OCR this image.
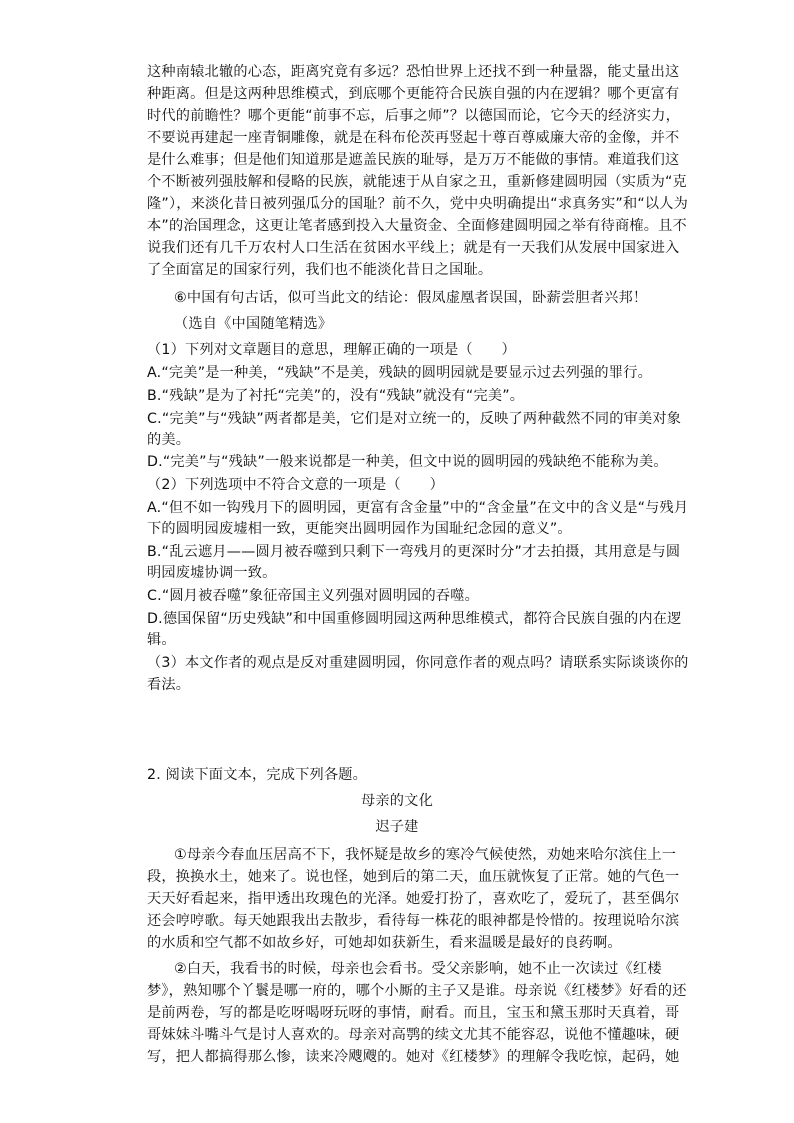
这种南辕北辙的心态，距离究竟有多远？恐怕世界上还找不到一种量器，能丈量出这
种距离。但是这两种思维模式，到底哪个更能符合民族自强的内在逻辑？哪个更富有
时代的前瞻性？哪个更能“前事不忘，后事之师”？以德国而论，它今天的经济实力，
不要说再建起一座青铜雕像，就是在科布伦茨再竖起十尊百尊威廉大帝的金像，并不
是什么难事；但是他们知道那是遮盖民族的耻辱，是万万不能做的事情。难道我们这
个不断被列强肢解和侵略的民族，就能速于从自家之丑，重新修建圆明园（实质为“克
隆”），来淡化昔日被列强瓜分的国耻？前不久，党中央明确提出“求真务实”和“以人为
本”的治国理念，这更让笔者感到投入大量资金、全面修建圆明园之举有待商榷。且不
说我们还有几千万农村人口生活在贫困水平线上；就是有一天我们从发展中国家进入
了全面富足的国家行列，我们也不能淡化昔日之国耻。
⑥中国有句古话，似可当此文的结论：假凤虚凰者误国，卧薪尝胆者兴邦！
（选自《中国随笔精选》
（1）下列对文章题目的意思，理解正确的一项是（　　）
A.“完美”是一种美，“残缺”不是美，残缺的圆明园就是要显示过去列强的罪行。
B.“残缺”是为了衬托“完美”的，没有“残缺”就没有“完美”。
C.“完美”与“残缺”两者都是美，它们是对立统一的，反映了两种截然不同的审美对象
的美。
D.“完美”与“残缺”一般来说都是一种美，但文中说的圆明园的残缺绝不能称为美。
（2）下列选项中不符合文意的一项是（　　）
A.“但不如一钩残月下的圆明园，更富有含金量”中的“含金量”在文中的含义是“与残月
下的圆明园废墟相一致，更能突出圆明园作为国耻纪念园的意义”。
B.“乱云遮月——圆月被吞噬到只剩下一弯残月的更深时分”才去拍摄，其用意是与圆
明园废墟协调一致。
C.“圆月被吞噬”象征帝国主义列强对圆明园的吞噬。
D.德国保留“历史残缺”和中国重修圆明园这两种思维模式，都符合民族自强的内在逻
辑。
（3）本文作者的观点是反对重建圆明园，你同意作者的观点吗？请联系实际谈谈你的
看法。
2. 阅读下面文本，完成下列各题。
母亲的文化
迟子建
①母亲今春血压居高不下，我怀疑是故乡的寒冷气候使然，劝她来哈尔滨住上一
段，换换水土，她来了。说也怪，她到后的第二天，血压就恢复了正常。她的气色一
天天好看起来，指甲透出玫瑰色的光泽。她爱打扮了，喜欢吃了，爱玩了，甚至偶尔
还会哼哼歌。每天她跟我出去散步，看待每一株花的眼神都是怜惜的。按理说哈尔滨
的水质和空气都不如故乡好，可她却如获新生，看来温暖是最好的良药啊。
②白天，我看书的时候，母亲也会看书。受父亲影响，她不止一次读过《红楼
梦》，熟知哪个丫鬟是哪一府的，哪个小厮的主子又是谁。母亲说《红楼梦》好看的还
是前两卷，写的都是吃呀喝呀玩呀的事情，耐看。而且，宝玉和黛玉那时天真着，哥
哥妹妹斗嘴斗气是讨人喜欢的。母亲对高鹗的续文尤其不能容忍，说他不懂趣味，硬
写，把人都搞得那么惨，读来冷飕飕的。她对《红楼梦》的理解令我吃惊，起码，她
